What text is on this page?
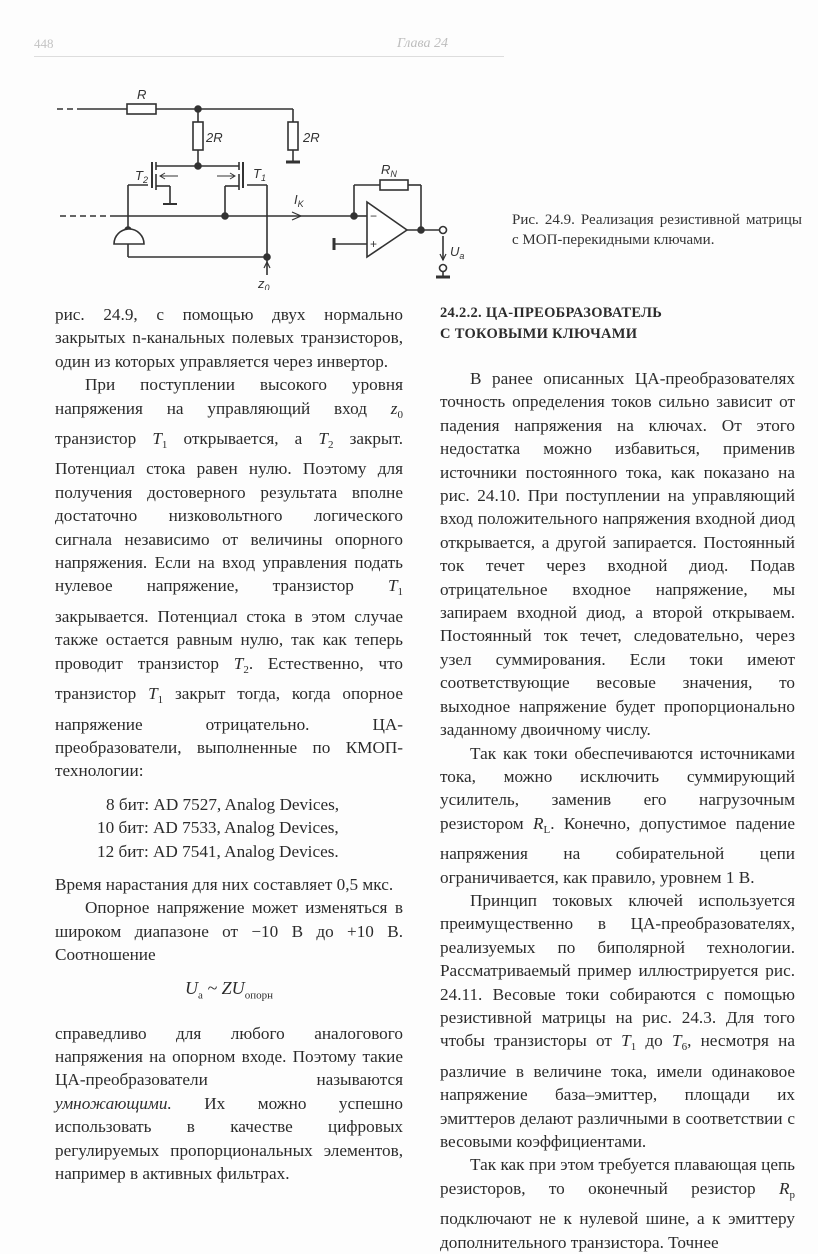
448	Глава 24
R
2R
2R
$T_2$	$T_1$
$I_K$
$z_0$
$R_N$
−
+	$U_a$
Рис. 24.9. Реализация резистивной матрицы с МОП-перекидными ключами.

рис. 24.9, с помощью двух нормально закрытых n-канальных полевых транзисторов, один из которых управляется через инвертор.

При поступлении высокого уровня напряжения на управляющий вход $z_0$ транзистор $T_1$ открывается, а $T_2$ закрыт. Потенциал стока равен нулю. Поэтому для получения достоверного результата вполне достаточно низковольтного логического сигнала независимо от величины опорного напряжения. Если на вход управления подать нулевое напряжение, транзистор $T_1$ закрывается. Потенциал стока в этом случае также остается равным нулю, так как теперь проводит транзистор $T_2$. Естественно, что транзистор $T_1$ закрыт тогда, когда опорное напряжение отрицательно. ЦА-преобразователи, выполненные по КМОП-технологии:

8 бит: AD 7527, Analog Devices,
10 бит: AD 7533, Analog Devices,
12 бит: AD 7541, Analog Devices.

Время нарастания для них составляет 0,5 мкс.

Опорное напряжение может изменяться в широком диапазоне от −10 В до +10 В. Соотношение

$U_a$ ~ $ZU_{опорн}$

справедливо для любого аналогового напряжения на опорном входе. Поэтому такие ЦА-преобразователи называются умножающими. Их можно успешно использовать в качестве цифровых регулируемых пропорциональных элементов, например в активных фильтрах.

24.2.2. ЦА-ПРЕОБРАЗОВАТЕЛЬ
С ТОКОВЫМИ КЛЮЧАМИ

В ранее описанных ЦА-преобразователях точность определения токов сильно зависит от падения напряжения на ключах. От этого недостатка можно избавиться, применив источники постоянного тока, как показано на рис. 24.10. При поступлении на управляющий вход положительного напряжения входной диод открывается, а другой запирается. Постоянный ток течет через входной диод. Подав отрицательное входное напряжение, мы запираем входной диод, а второй открываем. Постоянный ток течет, следовательно, через узел суммирования. Если токи имеют соответствующие весовые значения, то выходное напряжение будет пропорционально заданному двоичному числу.

Так как токи обеспечиваются источниками тока, можно исключить суммирующий усилитель, заменив его нагрузочным резистором $R_L$. Конечно, допустимое падение напряжения на собирательной цепи ограничивается, как правило, уровнем 1 В.

Принцип токовых ключей используется преимущественно в ЦА-преобразователях, реализуемых по биполярной технологии. Рассматриваемый пример иллюстрируется рис. 24.11. Весовые токи собираются с помощью резистивной матрицы на рис. 24.3. Для того чтобы транзисторы от $T_1$ до $T_6$, несмотря на различие в величине тока, имели одинаковое напряжение база–эмиттер, площади их эмиттеров делают различными в соответствии с весовыми коэффициентами.

Так как при этом требуется плавающая цепь резисторов, то оконечный резистор $R_p$ подключают не к нулевой шине, а к эмиттеру дополнительного транзистора. Точнее
